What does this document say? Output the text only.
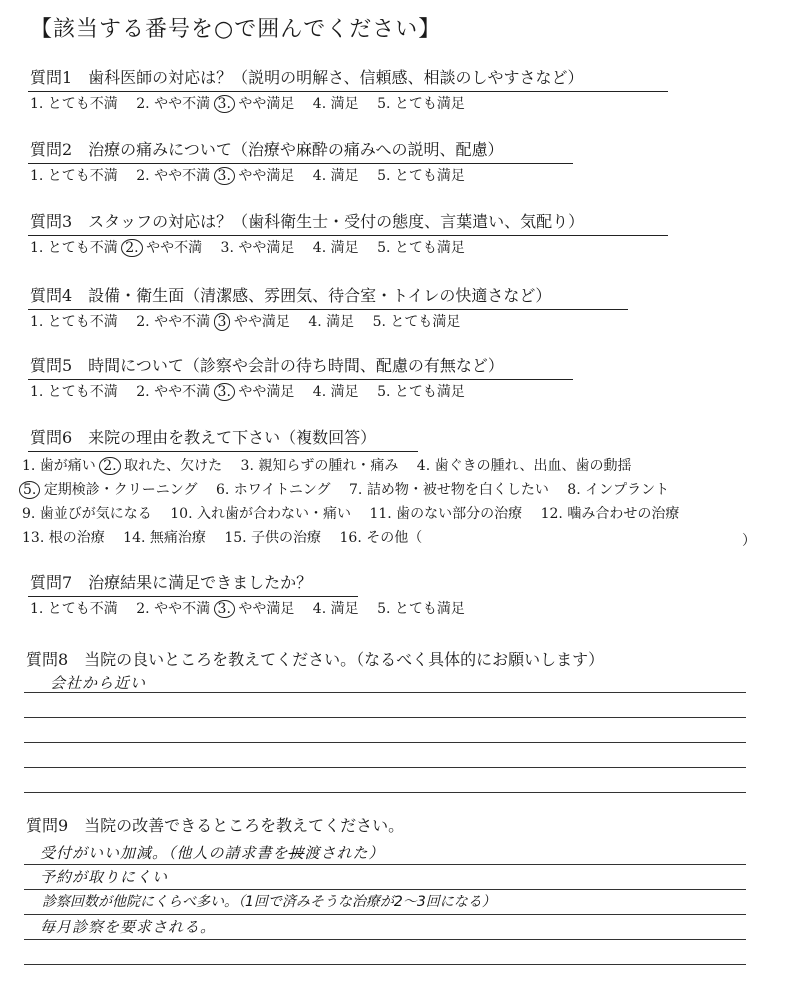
【該当する番号を○で囲んでください】
質問1　歯科医師の対応は？（説明の明解さ、信頼感、相談のしやすさなど）
1. とても不満　 2. やや不満 3. やや満足　 4. 満足　 5. とても満足
質問2　治療の痛みについて（治療や麻酔の痛みへの説明、配慮）
1. とても不満　 2. やや不満 3. やや満足　 4. 満足　 5. とても満足
質問3　スタッフの対応は？（歯科衛生士・受付の態度、言葉遣い、気配り）
1. とても不満 2. やや不満　 3. やや満足　 4. 満足　 5. とても満足
質問4　設備・衛生面（清潔感、雰囲気、待合室・トイレの快適さなど）
1. とても不満　 2. やや不満 3 やや満足　 4. 満足　 5. とても満足
質問5　時間について（診察や会計の待ち時間、配慮の有無など）
1. とても不満　 2. やや不満 3. やや満足　 4. 満足　 5. とても満足
質問6　来院の理由を教えて下さい（複数回答）
1. 歯が痛い 2. 取れた、欠けた　 3. 親知らずの腫れ・痛み　 4. 歯ぐきの腫れ、出血、歯の動揺
5. 定期検診・クリーニング　 6. ホワイトニング　 7. 詰め物・被せ物を白くしたい　 8. インプラント
9. 歯並びが気になる　 10. 入れ歯が合わない・痛い　 11. 歯のない部分の治療　 12. 噛み合わせの治療
13. 根の治療　 14. 無痛治療　 15. 子供の治療　 16. その他（	）
質問7　治療結果に満足できましたか？
1. とても不満　 2. やや不満 3. やや満足　 4. 満足　 5. とても満足
質問8　当院の良いところを教えてください。（なるべく具体的にお願いします）
会社から近い
質問9　当院の改善できるところを教えてください。
受付がいい加減。（他人の請求書を披渡された）
予約が取りにくい
診察回数が他院にくらべ多い。（1回で済みそうな治療が2〜3回になる）
毎月診察を要求される。
